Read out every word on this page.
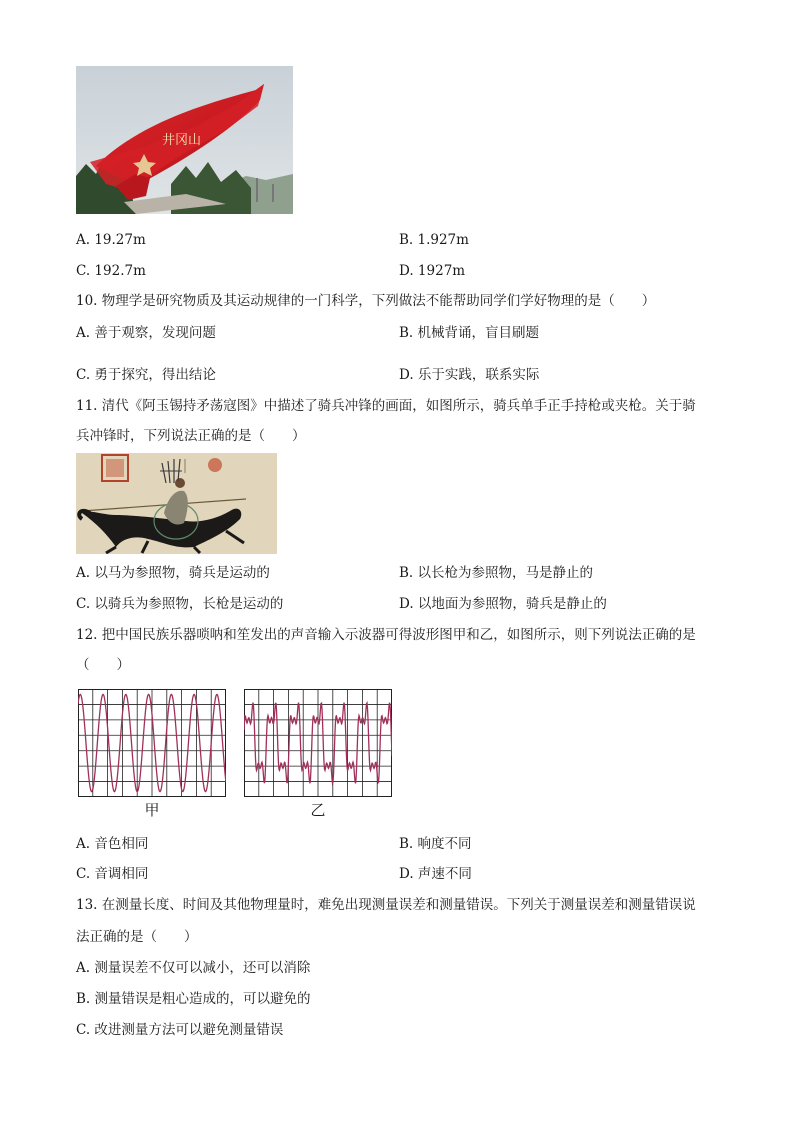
井冈山
A. 19.27m	B. 1.927m
C. 192.7m	D. 1927m
10. 物理学是研究物质及其运动规律的一门科学，下列做法不能帮助同学们学好物理的是（　　）
A. 善于观察，发现问题	B. 机械背诵，盲目刷题
C. 勇于探究，得出结论	D. 乐于实践，联系实际
11. 清代《阿玉锡持矛荡寇图》中描述了骑兵冲锋的画面，如图所示，骑兵单手正手持枪或夹枪。关于骑
兵冲锋时，下列说法正确的是（　　）
A. 以马为参照物，骑兵是运动的	B. 以长枪为参照物，马是静止的
C. 以骑兵为参照物，长枪是运动的	D. 以地面为参照物，骑兵是静止的
12. 把中国民族乐器唢呐和笙发出的声音输入示波器可得波形图甲和乙，如图所示，则下列说法正确的是
（　　）
甲	乙
A. 音色相同	B. 响度不同
C. 音调相同	D. 声速不同
13. 在测量长度、时间及其他物理量时，难免出现测量误差和测量错误。下列关于测量误差和测量错误说
法正确的是（　　）
A. 测量误差不仅可以减小，还可以消除
B. 测量错误是粗心造成的，可以避免的
C. 改进测量方法可以避免测量错误
